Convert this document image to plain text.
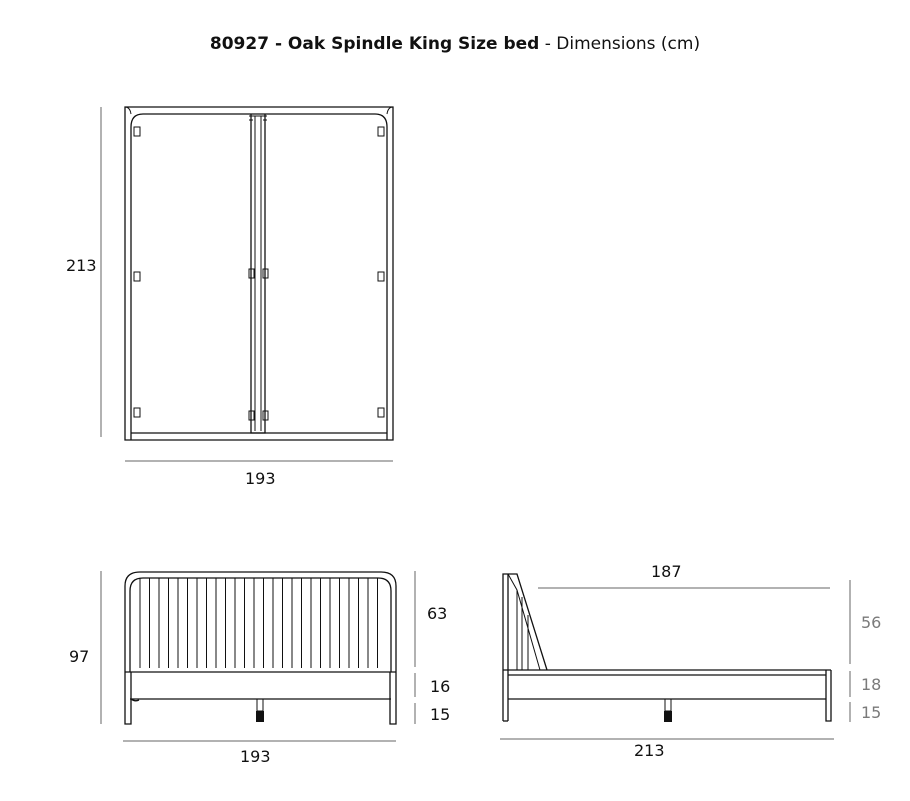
80927 - Oak Spindle King Size bed - Dimensions (cm)
213
193
97
63
16
15
193
187
56
18
15
213
